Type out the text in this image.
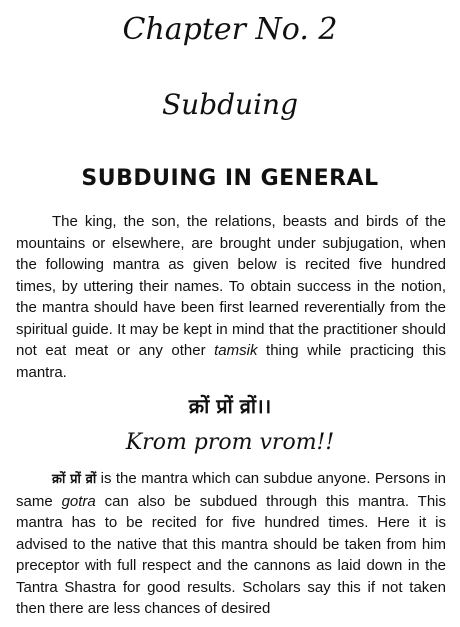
Chapter No. 2
Subduing
SUBDUING IN GENERAL

The king, the son, the relations, beasts and birds of the mountains or elsewhere, are brought under subjugation, when the following mantra as given below is recited five hundred times, by uttering their names. To obtain success in the notion, the mantra should have been first learned reverentially from the spiritual guide. It may be kept in mind that the practitioner should not eat meat or any other tamsik thing while practicing this mantra.

क्रों प्रों व्रों।।
Krom prom vrom!!

क्रों प्रों व्रों is the mantra which can subdue anyone. Persons in same gotra can also be subdued through this mantra. This mantra has to be recited for five hundred times. Here it is advised to the native that this mantra should be taken from him preceptor with full respect and the cannons as laid down in the Tantra Shastra for good results. Scholars say this if not taken then there are less chances of desired
